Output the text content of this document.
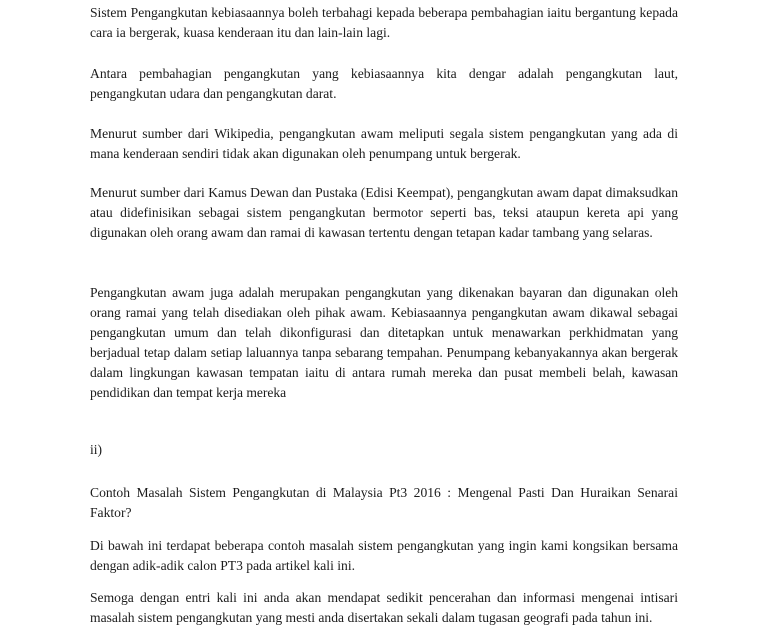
Sistem Pengangkutan kebiasaannya boleh terbahagi kepada beberapa pembahagian iaitu bergantung kepada cara ia bergerak, kuasa kenderaan itu dan lain-lain lagi.

Antara pembahagian pengangkutan yang kebiasaannya kita dengar adalah pengangkutan laut, pengangkutan udara dan pengangkutan darat.

Menurut sumber dari Wikipedia, pengangkutan awam meliputi segala sistem pengangkutan yang ada di mana kenderaan sendiri tidak akan digunakan oleh penumpang untuk bergerak.

Menurut sumber dari Kamus Dewan dan Pustaka (Edisi Keempat), pengangkutan awam dapat dimaksudkan atau didefinisikan sebagai sistem pengangkutan bermotor seperti bas, teksi ataupun kereta api yang digunakan oleh orang awam dan ramai di kawasan tertentu dengan tetapan kadar tambang yang selaras.

Pengangkutan awam juga adalah merupakan pengangkutan yang dikenakan bayaran dan digunakan oleh orang ramai yang telah disediakan oleh pihak awam. Kebiasaannya pengangkutan awam dikawal sebagai pengangkutan umum dan telah dikonfigurasi dan ditetapkan untuk menawarkan perkhidmatan yang berjadual tetap dalam setiap laluannya tanpa sebarang tempahan. Penumpang kebanyakannya akan bergerak dalam lingkungan kawasan tempatan iaitu di antara rumah mereka dan pusat membeli belah, kawasan pendidikan dan tempat kerja mereka

ii)

Contoh Masalah Sistem Pengangkutan di Malaysia Pt3 2016 : Mengenal Pasti Dan Huraikan Senarai Faktor?

Di bawah ini terdapat beberapa contoh masalah sistem pengangkutan yang ingin kami kongsikan bersama dengan adik-adik calon PT3 pada artikel kali ini.

Semoga dengan entri kali ini anda akan mendapat sedikit pencerahan dan informasi mengenai intisari masalah sistem pengangkutan yang mesti anda disertakan sekali dalam tugasan geografi pada tahun ini.
